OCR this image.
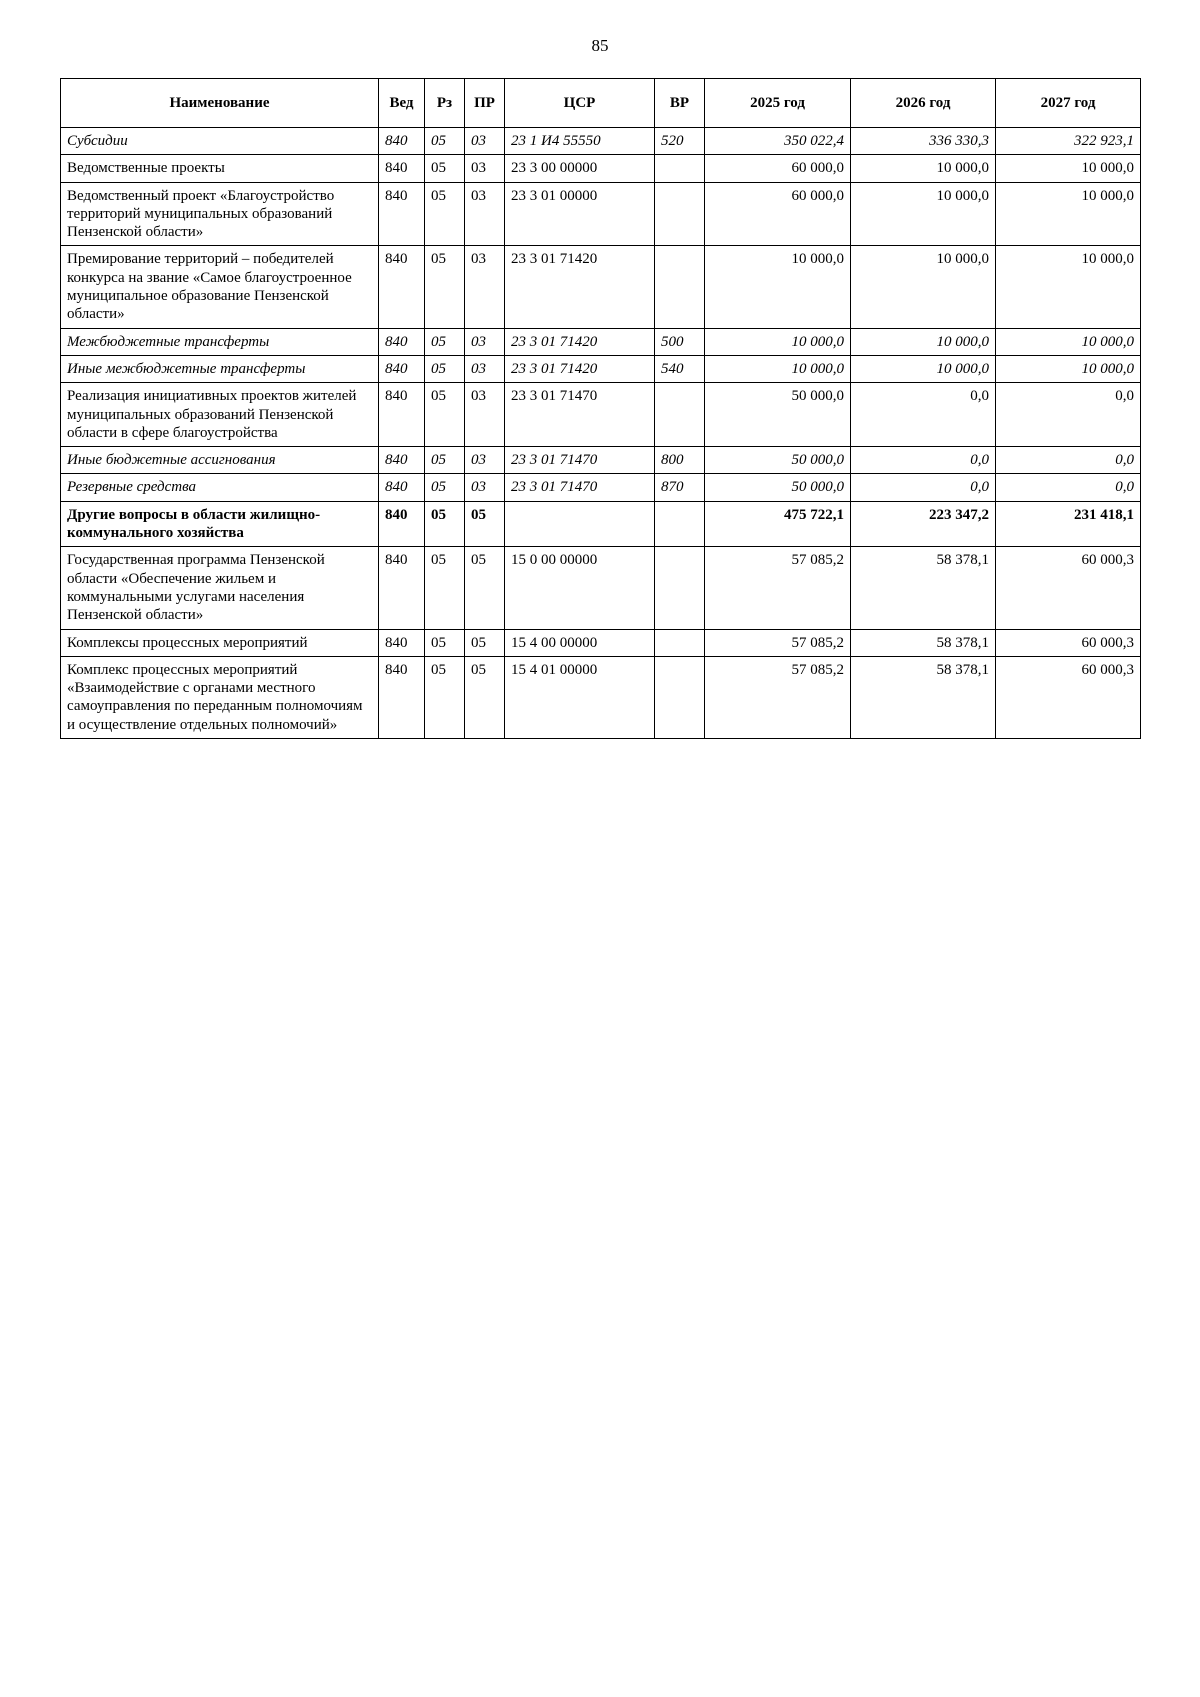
85
Наименование	Вед	Рз	ПР	ЦСР	ВР	2025 год	2026 год	2027 год
Субсидии	840	05	03	23 1 И4 55550	520	350 022,4	336 330,3	322 923,1
Ведомственные проекты	840	05	03	23 3 00 00000		60 000,0	10 000,0	10 000,0
Ведомственный проект «Благоустройство территорий муниципальных образований Пензенской области»	840	05	03	23 3 01 00000		60 000,0	10 000,0	10 000,0
Премирование территорий – победителей конкурса на звание «Самое благоустроенное муниципальное образование Пензенской области»	840	05	03	23 3 01 71420		10 000,0	10 000,0	10 000,0
Межбюджетные трансферты	840	05	03	23 3 01 71420	500	10 000,0	10 000,0	10 000,0
Иные межбюджетные трансферты	840	05	03	23 3 01 71420	540	10 000,0	10 000,0	10 000,0
Реализация инициативных проектов жителей муниципальных образований Пензенской области в сфере благоустройства	840	05	03	23 3 01 71470		50 000,0	0,0	0,0
Иные бюджетные ассигнования	840	05	03	23 3 01 71470	800	50 000,0	0,0	0,0
Резервные средства	840	05	03	23 3 01 71470	870	50 000,0	0,0	0,0
Другие вопросы в области жилищно-коммунального хозяйства	840	05	05			475 722,1	223 347,2	231 418,1
Государственная программа Пензенской области «Обеспечение жильем и коммунальными услугами населения Пензенской области»	840	05	05	15 0 00 00000		57 085,2	58 378,1	60 000,3
Комплексы процессных мероприятий	840	05	05	15 4 00 00000		57 085,2	58 378,1	60 000,3
Комплекс процессных мероприятий «Взаимодействие с органами местного самоуправления по переданным полномочиям и осуществление отдельных полномочий»	840	05	05	15 4 01 00000		57 085,2	58 378,1	60 000,3
